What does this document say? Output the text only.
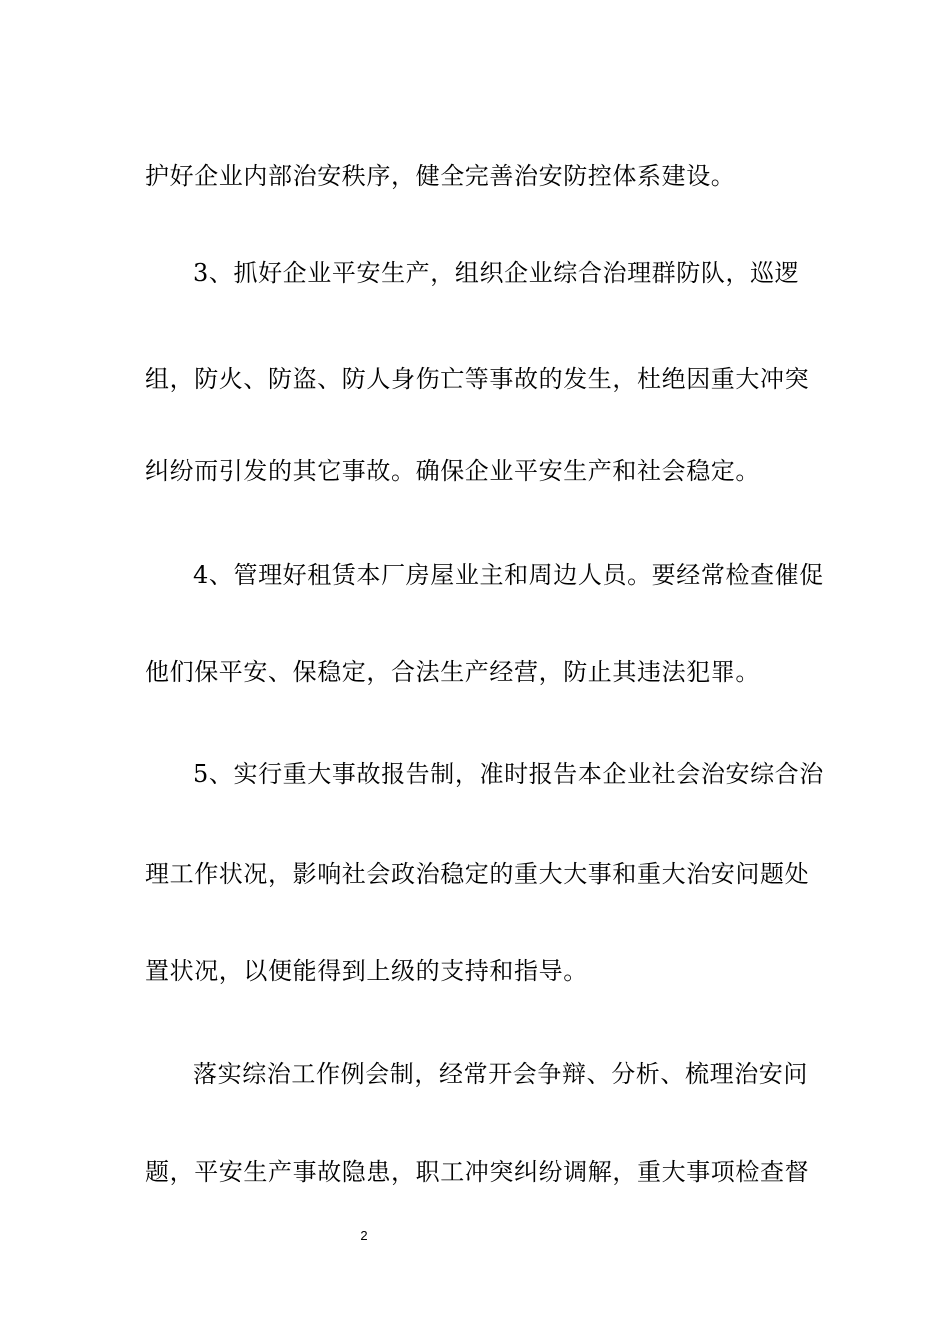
护好企业内部治安秩序，健全完善治安防控体系建设。

3、抓好企业平安生产，组织企业综合治理群防队，巡逻

组，防火、防盗、防人身伤亡等事故的发生，杜绝因重大冲突

纠纷而引发的其它事故。确保企业平安生产和社会稳定。

4、管理好租赁本厂房屋业主和周边人员。要经常检查催促

他们保平安、保稳定，合法生产经营，防止其违法犯罪。

5、实行重大事故报告制，准时报告本企业社会治安综合治

理工作状况，影响社会政治稳定的重大大事和重大治安问题处

置状况，以便能得到上级的支持和指导。

落实综治工作例会制，经常开会争辩、分析、梳理治安问

题，平安生产事故隐患，职工冲突纠纷调解，重大事项检查督

2
